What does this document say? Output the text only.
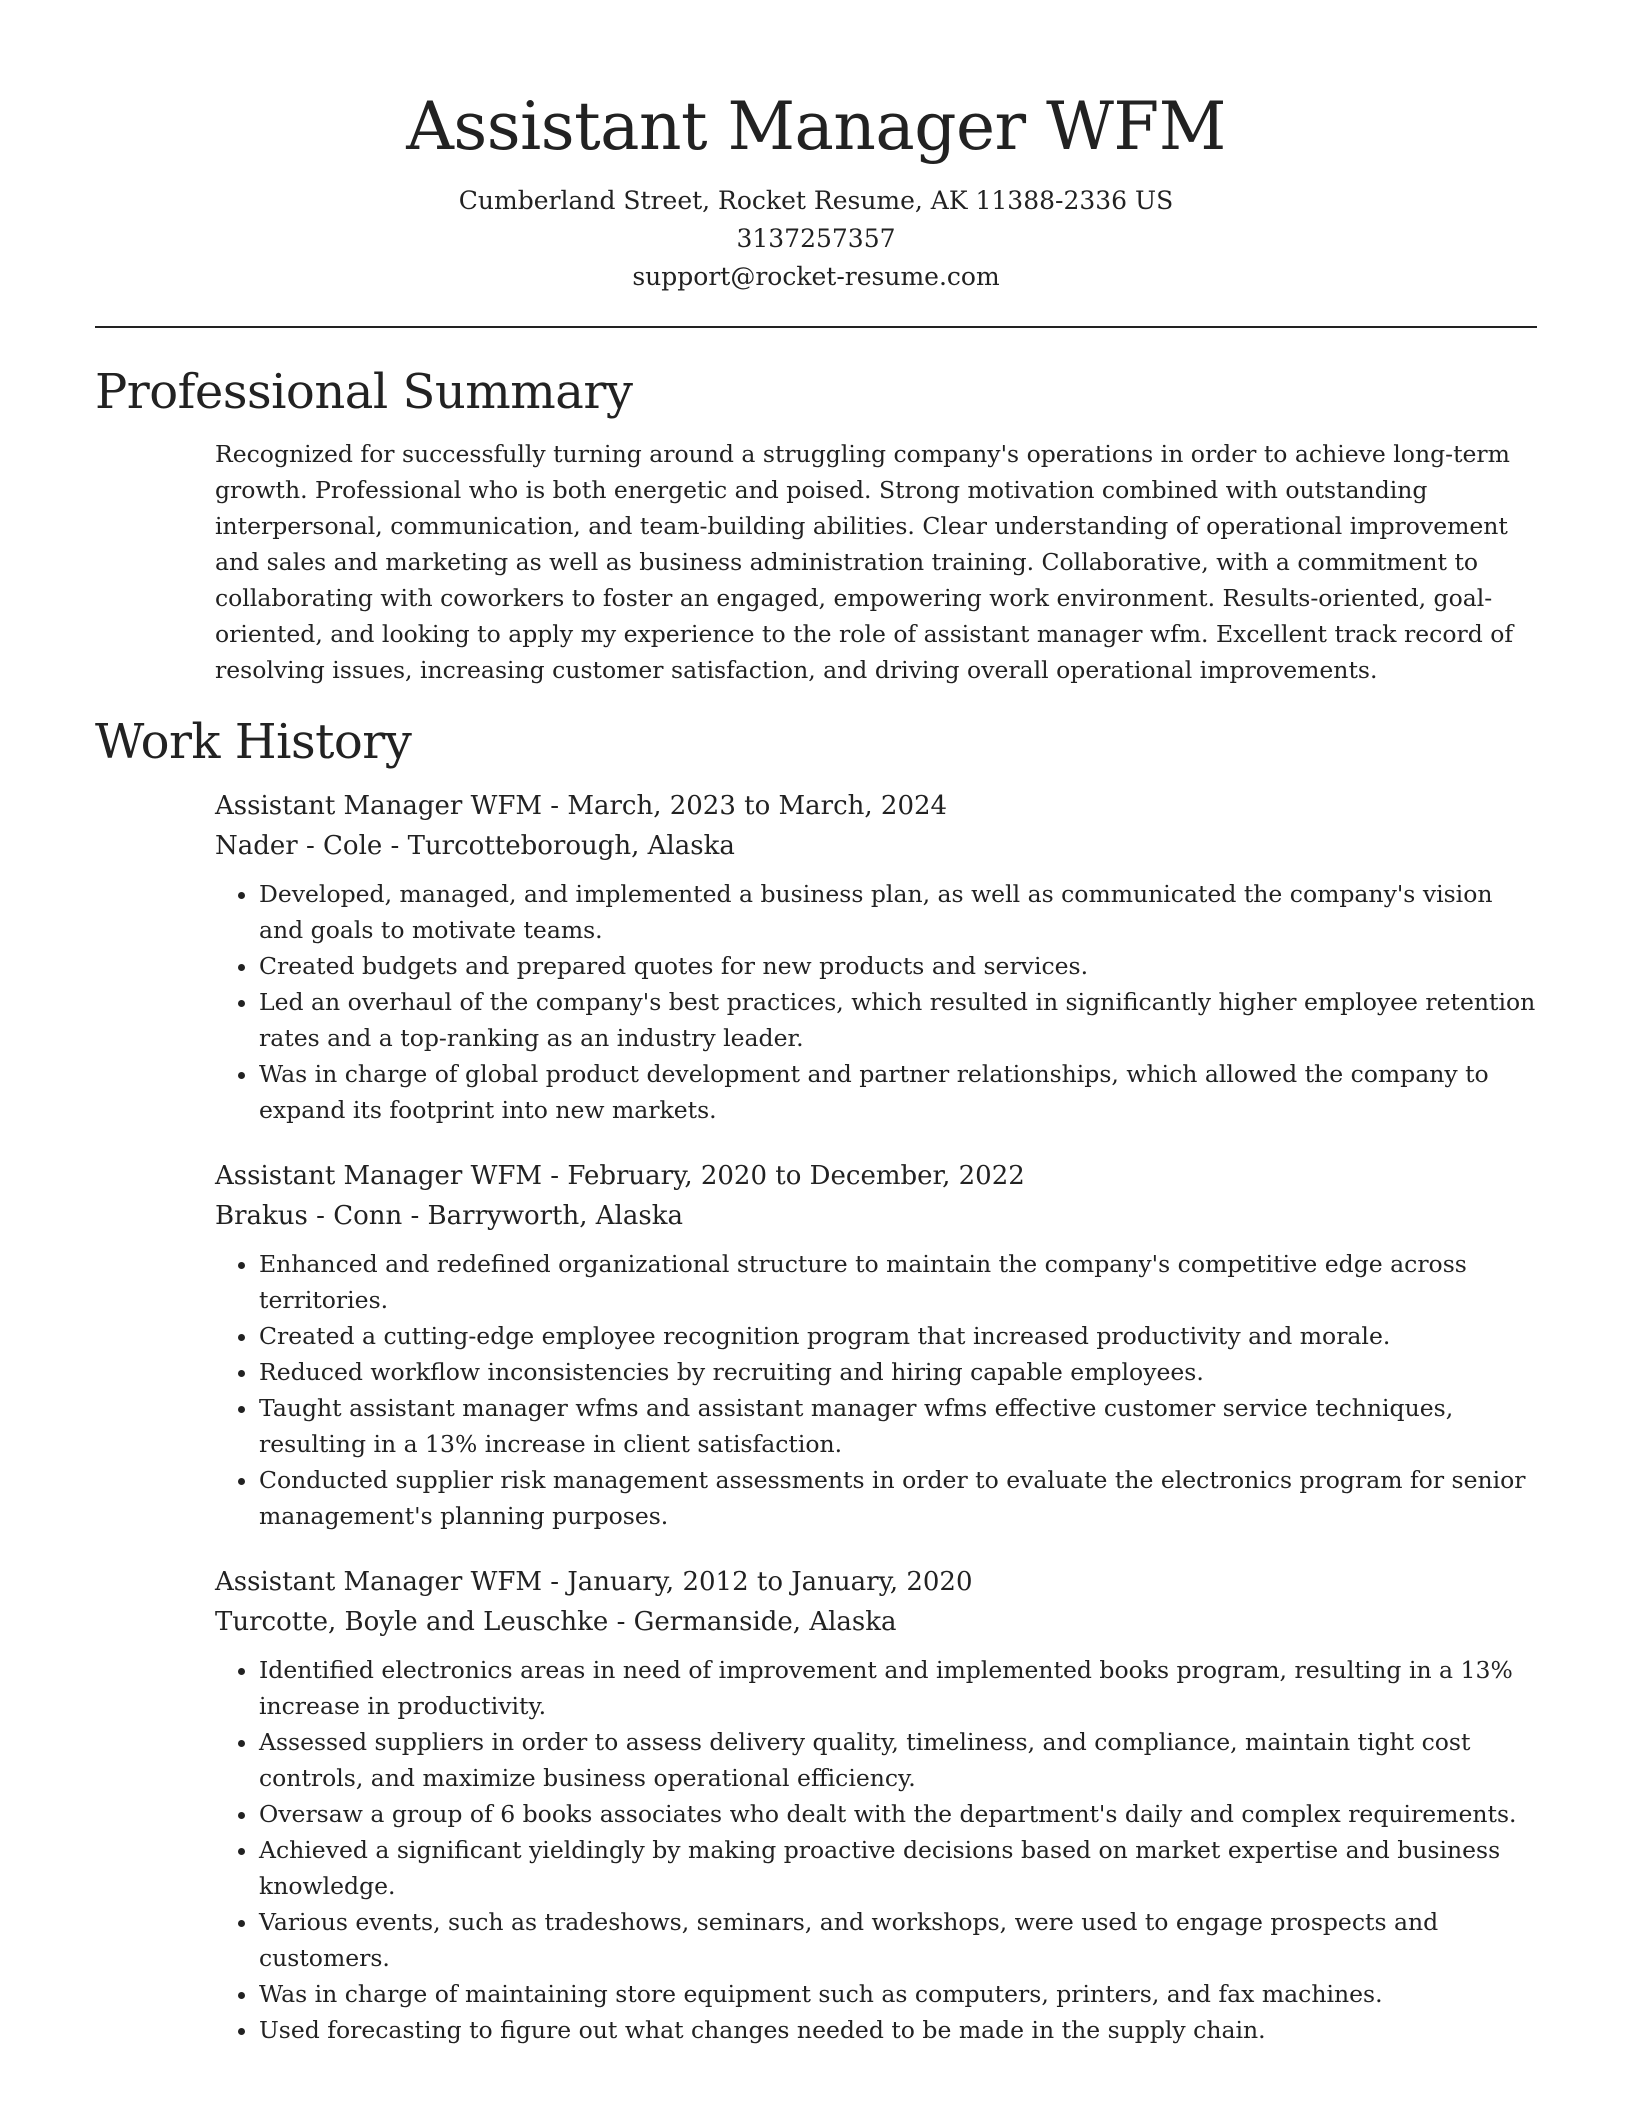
Assistant Manager WFM
Cumberland Street, Rocket Resume, AK 11388-2336 US
3137257357
support@rocket-resume.com
Professional Summary

Recognized for successfully turning around a struggling company's operations in order to achieve long-term growth. Professional who is both energetic and poised. Strong motivation combined with outstanding interpersonal, communication, and team-building abilities. Clear understanding of operational improvement and sales and marketing as well as business administration training. Collaborative, with a commitment to collaborating with coworkers to foster an engaged, empowering work environment. Results-oriented, goal-oriented, and looking to apply my experience to the role of assistant manager wfm. Excellent track record of resolving issues, increasing customer satisfaction, and driving overall operational improvements.

Work History
Assistant Manager WFM - March, 2023 to March, 2024
Nader - Cole - Turcotteborough, Alaska
• Developed, managed, and implemented a business plan, as well as communicated the company's vision and goals to motivate teams.
• Created budgets and prepared quotes for new products and services.
• Led an overhaul of the company's best practices, which resulted in significantly higher employee retention rates and a top-ranking as an industry leader.
• Was in charge of global product development and partner relationships, which allowed the company to expand its footprint into new markets.
Assistant Manager WFM - February, 2020 to December, 2022
Brakus - Conn - Barryworth, Alaska
• Enhanced and redefined organizational structure to maintain the company's competitive edge across territories.
• Created a cutting-edge employee recognition program that increased productivity and morale.
• Reduced workflow inconsistencies by recruiting and hiring capable employees.
• Taught assistant manager wfms and assistant manager wfms effective customer service techniques, resulting in a 13% increase in client satisfaction.
• Conducted supplier risk management assessments in order to evaluate the electronics program for senior management's planning purposes.
Assistant Manager WFM - January, 2012 to January, 2020
Turcotte, Boyle and Leuschke - Germanside, Alaska
• Identified electronics areas in need of improvement and implemented books program, resulting in a 13% increase in productivity.
• Assessed suppliers in order to assess delivery quality, timeliness, and compliance, maintain tight cost controls, and maximize business operational efficiency.
• Oversaw a group of 6 books associates who dealt with the department's daily and complex requirements.
• Achieved a significant yieldingly by making proactive decisions based on market expertise and business knowledge.
• Various events, such as tradeshows, seminars, and workshops, were used to engage prospects and customers.
• Was in charge of maintaining store equipment such as computers, printers, and fax machines.
• Used forecasting to figure out what changes needed to be made in the supply chain.
